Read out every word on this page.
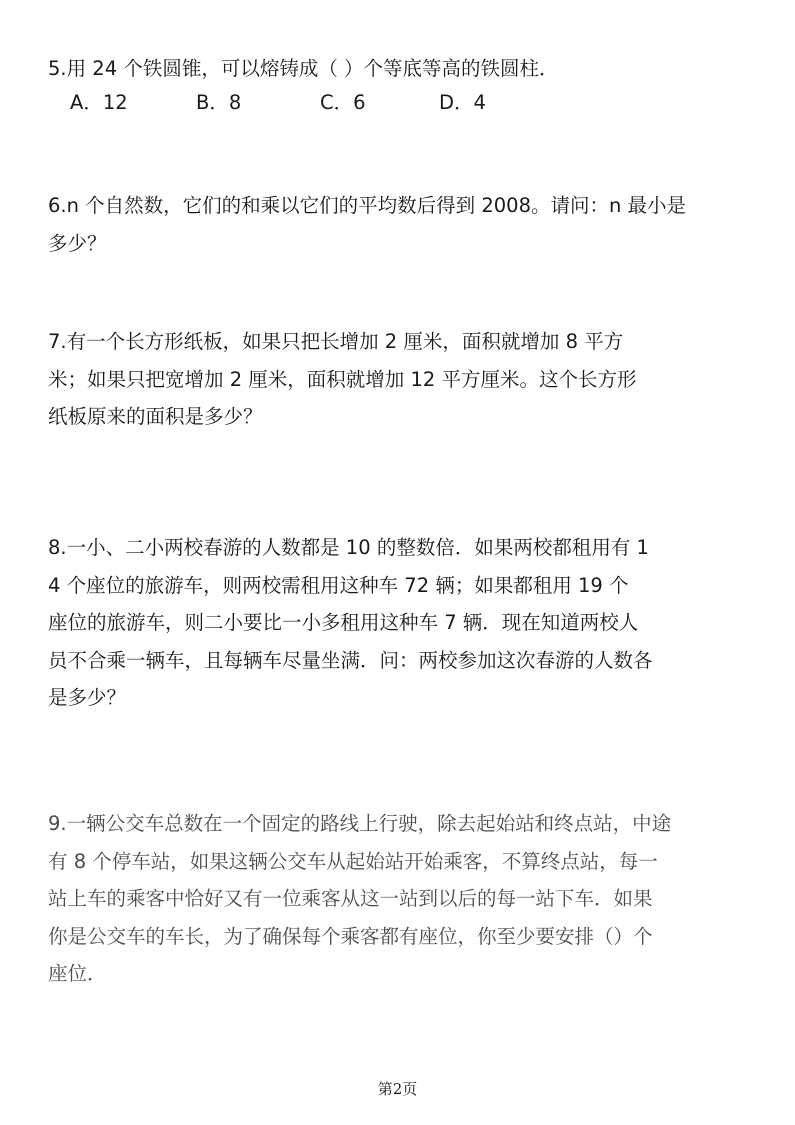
5.用 24 个铁圆锥，可以熔铸成（ ）个等底等高的铁圆柱．
A．12	B．8	C．6	D．4
6.n 个自然数，它们的和乘以它们的平均数后得到 2008。请问：n 最小是
多少？
7.有一个长方形纸板，如果只把长增加 2 厘米，面积就增加 8 平方
米；如果只把宽增加 2 厘米，面积就增加 12 平方厘米。这个长方形
纸板原来的面积是多少？
8.一小、二小两校春游的人数都是 10 的整数倍．如果两校都租用有 1
4 个座位的旅游车，则两校需租用这种车 72 辆；如果都租用 19 个
座位的旅游车，则二小要比一小多租用这种车 7 辆．现在知道两校人
员不合乘一辆车，且每辆车尽量坐满．问：两校参加这次春游的人数各
是多少？
9.一辆公交车总数在一个固定的路线上行驶，除去起始站和终点站，中途
有 8 个停车站，如果这辆公交车从起始站开始乘客，不算终点站，每一
站上车的乘客中恰好又有一位乘客从这一站到以后的每一站下车．如果
你是公交车的车长，为了确保每个乘客都有座位，你至少要安排（）个
座位．
第2页
